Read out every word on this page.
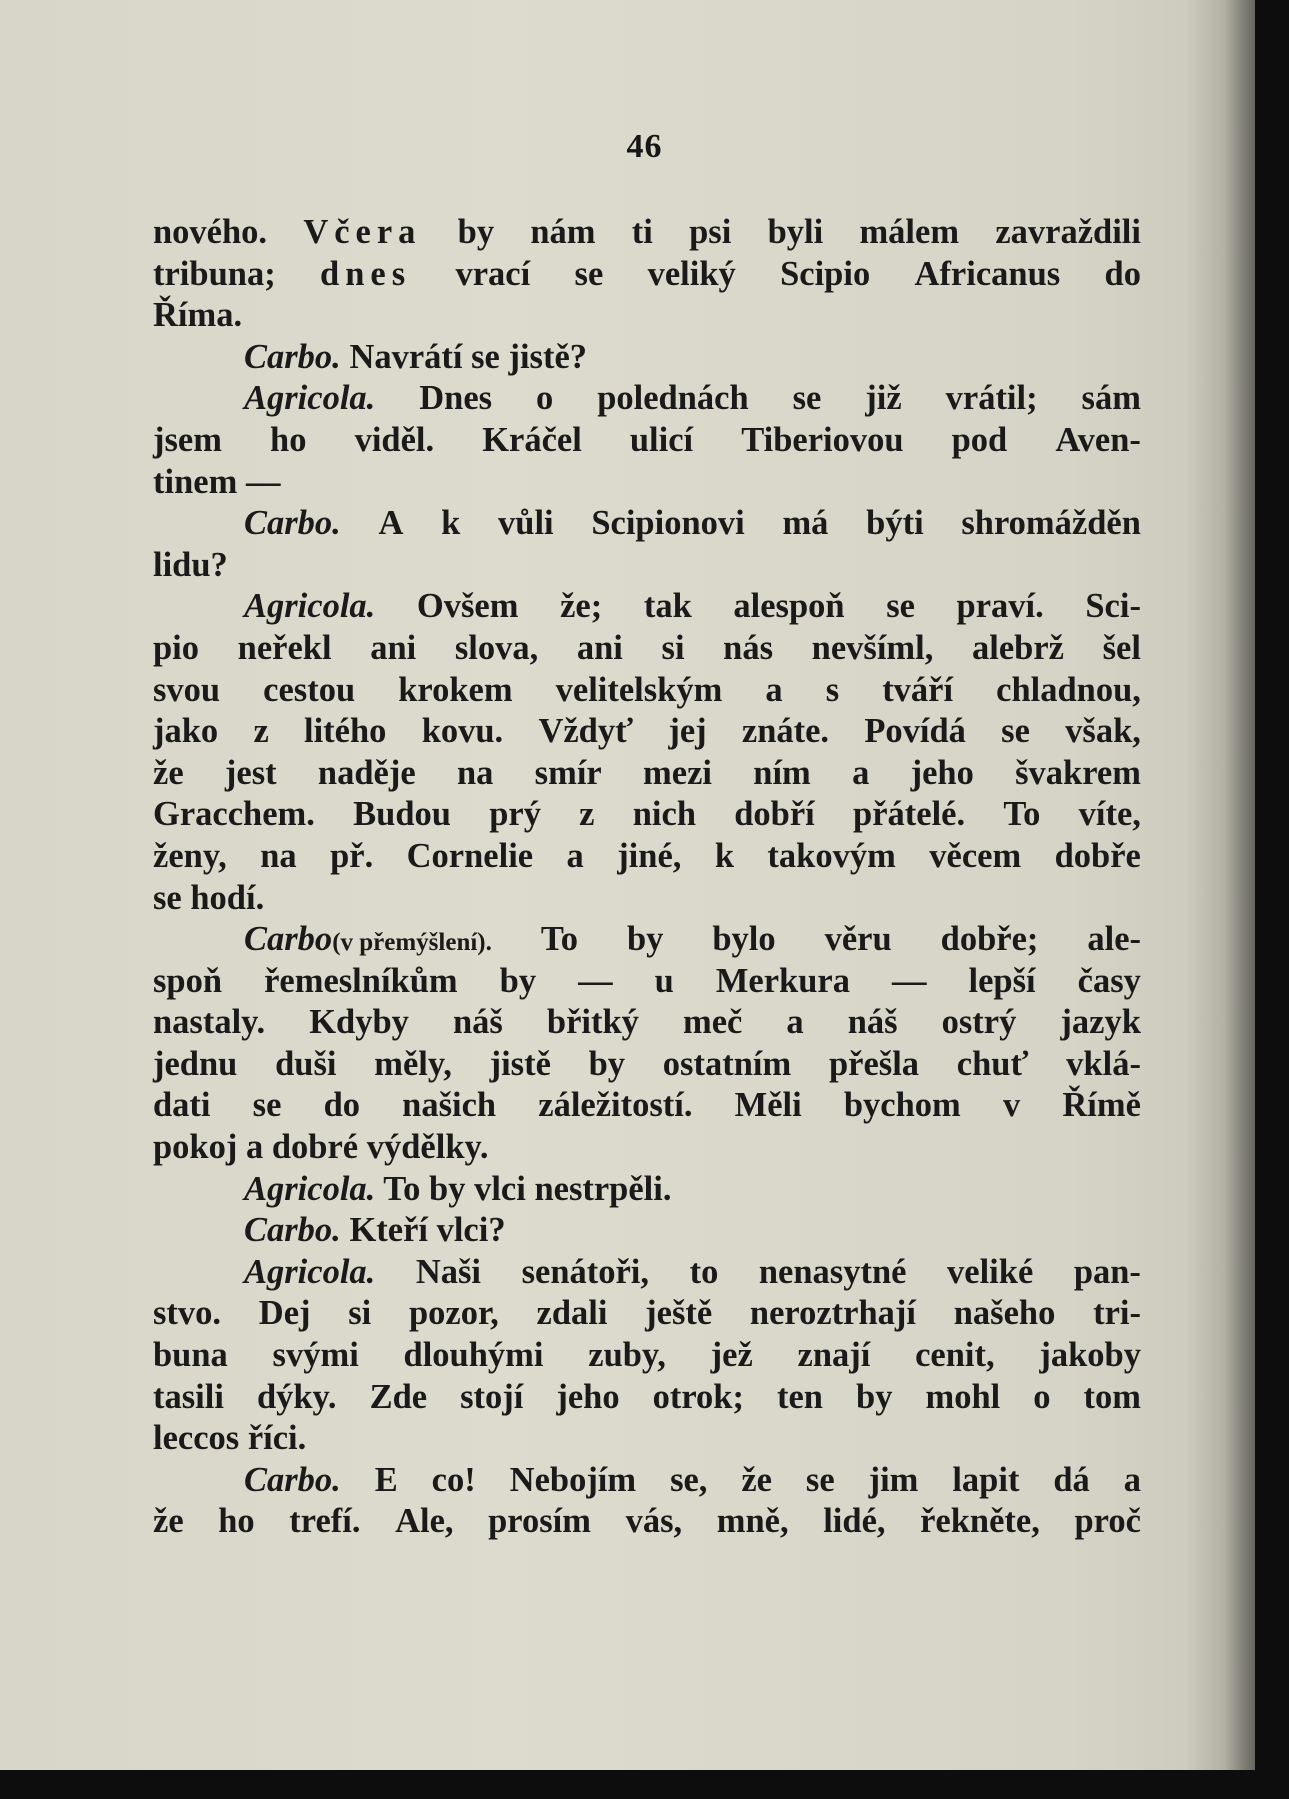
46
nového. Včera by nám ti psi byli málem zavraždili
tribuna; dnes vrací se veliký Scipio Africanus do
Říma.
Carbo. Navrátí se jistě?
Agricola. Dnes o polednách se již vrátil; sám
jsem ho viděl. Kráčel ulicí Tiberiovou pod Aven-
tinem —
Carbo. A k vůli Scipionovi má býti shromážděn
lidu?
Agricola. Ovšem že; tak alespoň se praví. Sci-
pio neřekl ani slova, ani si nás nevšíml, alebrž šel
svou cestou krokem velitelským a s tváří chladnou,
jako z litého kovu. Vždyť jej znáte. Povídá se však,
že jest naděje na smír mezi ním a jeho švakrem
Gracchem. Budou prý z nich dobří přátelé. To víte,
ženy, na př. Cornelie a jiné, k takovým věcem dobře
se hodí.
Carbo(v přemýšlení). To by bylo věru dobře; ale-
spoň řemeslníkům by — u Merkura — lepší časy
nastaly. Kdyby náš břitký meč a náš ostrý jazyk
jednu duši měly, jistě by ostatním přešla chuť vklá-
dati se do našich záležitostí. Měli bychom v Římě
pokoj a dobré výdělky.
Agricola. To by vlci nestrpěli.
Carbo. Kteří vlci?
Agricola. Naši senátoři, to nenasytné veliké pan-
stvo. Dej si pozor, zdali ještě neroztrhají našeho tri-
buna svými dlouhými zuby, jež znají cenit, jakoby
tasili dýky. Zde stojí jeho otrok; ten by mohl o tom
leccos říci.
Carbo. E co! Nebojím se, že se jim lapit dá a
že ho trefí. Ale, prosím vás, mně, lidé, řekněte, proč
